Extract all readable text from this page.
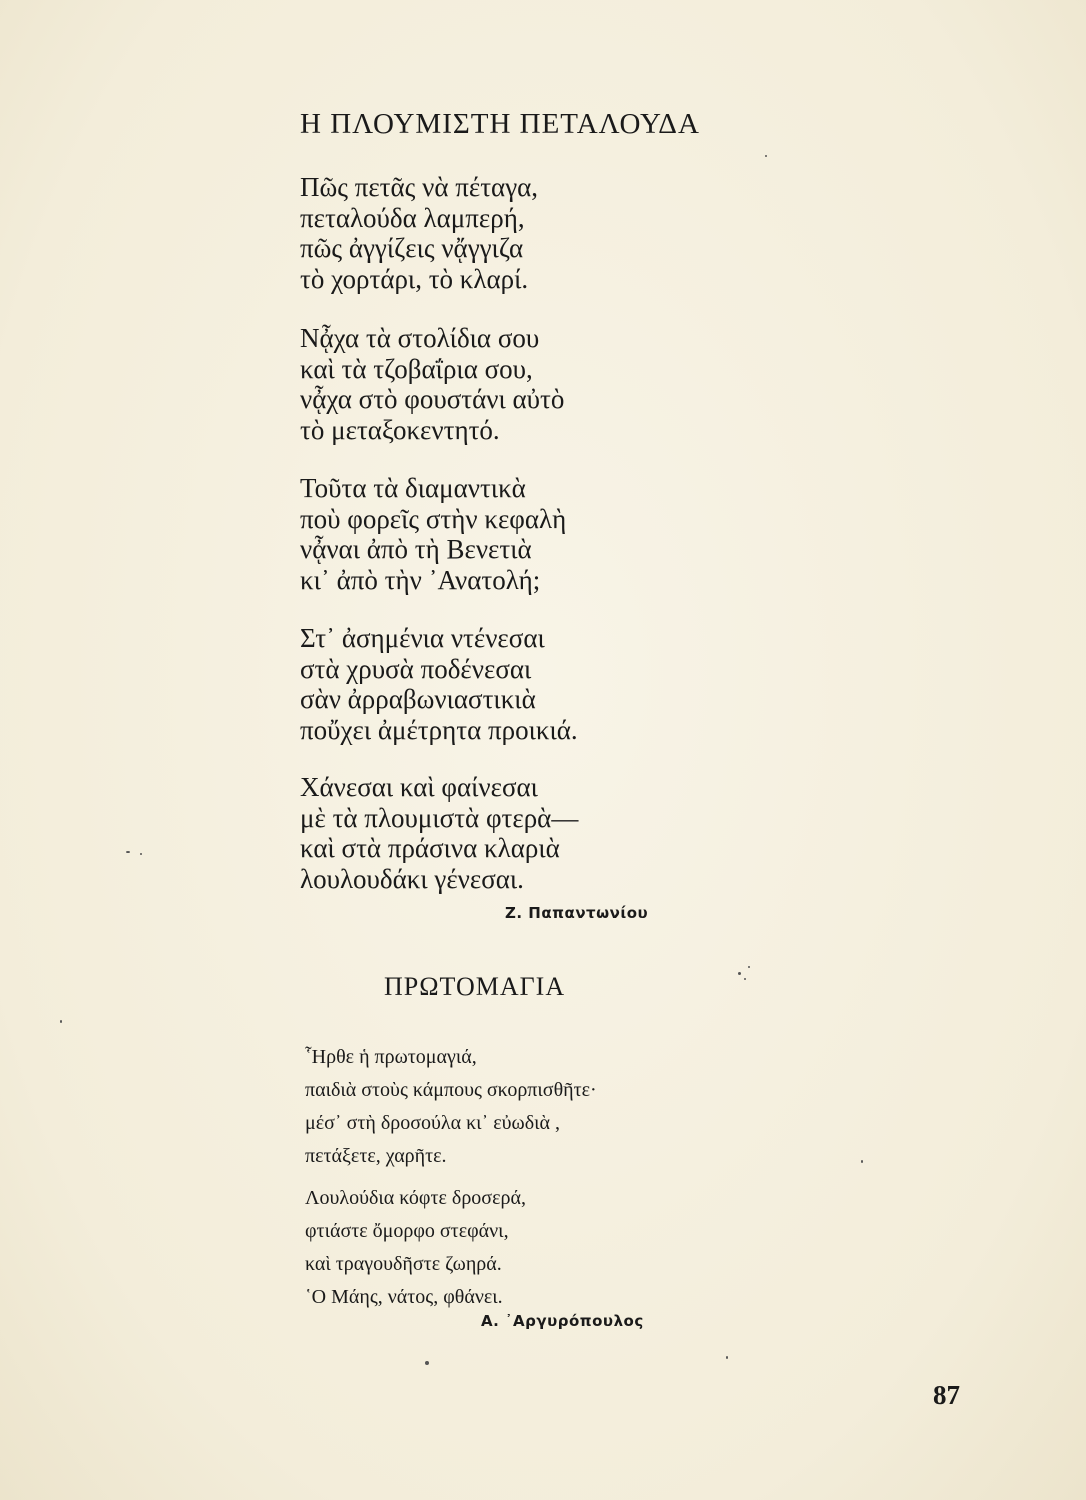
Η ΠΛΟΥΜΙΣΤΗ ΠΕΤΑΛΟΥΔΑ
Πῶς πετᾶς νὰ πέταγα,
πεταλούδα λαμπερή,
πῶς ἀγγίζεις νᾄγγιζα
τὸ χορτάρι, τὸ κλαρί.
Νᾆχα τὰ στολίδια σου
καὶ τὰ τζοβαΐρια σου,
νᾆχα στὸ φουστάνι αὐτὸ
τὸ μεταξοκεντητό.
Τοῦτα τὰ διαμαντικὰ
ποὺ φορεῖς στὴν κεφαλὴ
νᾆναι ἀπὸ τὴ Βενετιὰ
κι᾽ ἀπὸ τὴν ᾽Ανατολή;
Στ᾽ ἀσημένια ντένεσαι
στὰ χρυσὰ ποδένεσαι
σὰν ἀρραβωνιαστικιὰ
ποὔχει ἀμέτρητα προικιά.
Χάνεσαι καὶ φαίνεσαι
μὲ τὰ πλουμιστὰ φτερὰ—
καὶ στὰ πράσινα κλαριὰ
λουλουδάκι γένεσαι.
Ζ. Παπαντωνίου
ΠΡΩΤΟΜΑΓΙΑ
῟Ηρθε ἡ πρωτομαγιά,
παιδιὰ στοὺς κάμπους σκορπισθῆτε·
μέσ᾽ στὴ δροσούλα κι᾽ εὐωδιὰ ,
πετάξετε, χαρῆτε.
Λουλούδια κόφτε δροσερά,
φτιάστε ὄμορφο στεφάνι,
καὶ τραγουδῆστε ζωηρά.
῾Ο Μάης, νάτος, φθάνει.
Α. ᾽Αργυρόπουλος
87
